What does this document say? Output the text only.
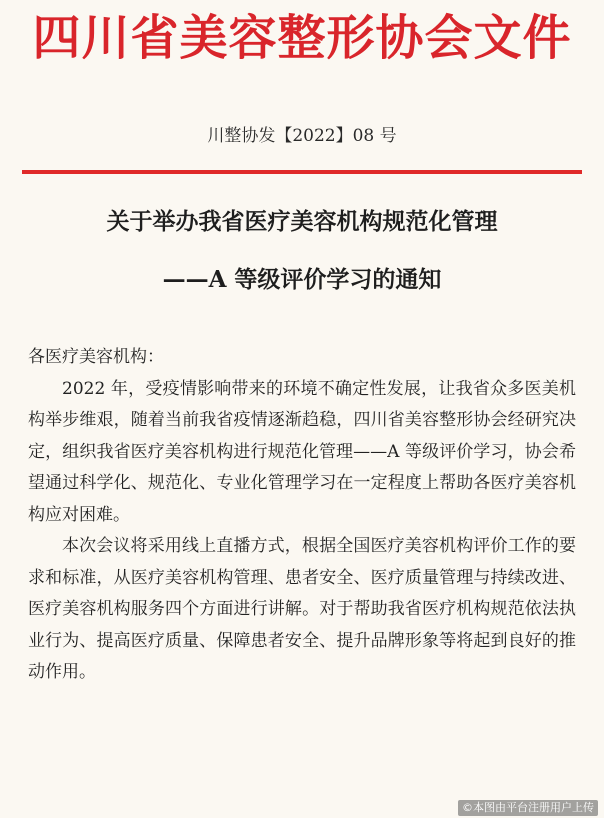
四川省美容整形协会文件
川整协发【2022】08 号
关于举办我省医疗美容机构规范化管理
——A 等级评价学习的通知

各医疗美容机构：

2022 年，受疫情影响带来的环境不确定性发展，让我省众多医美机构举步维艰，随着当前我省疫情逐渐趋稳，四川省美容整形协会经研究决定，组织我省医疗美容机构进行规范化管理——A 等级评价学习，协会希望通过科学化、规范化、专业化管理学习在一定程度上帮助各医疗美容机构应对困难。

本次会议将采用线上直播方式，根据全国医疗美容机构评价工作的要求和标准，从医疗美容机构管理、患者安全、医疗质量管理与持续改进、医疗美容机构服务四个方面进行讲解。对于帮助我省医疗机构规范依法执业行为、提高医疗质量、保障患者安全、提升品牌形象等将起到良好的推动作用。

©本图由平台注册用户上传
